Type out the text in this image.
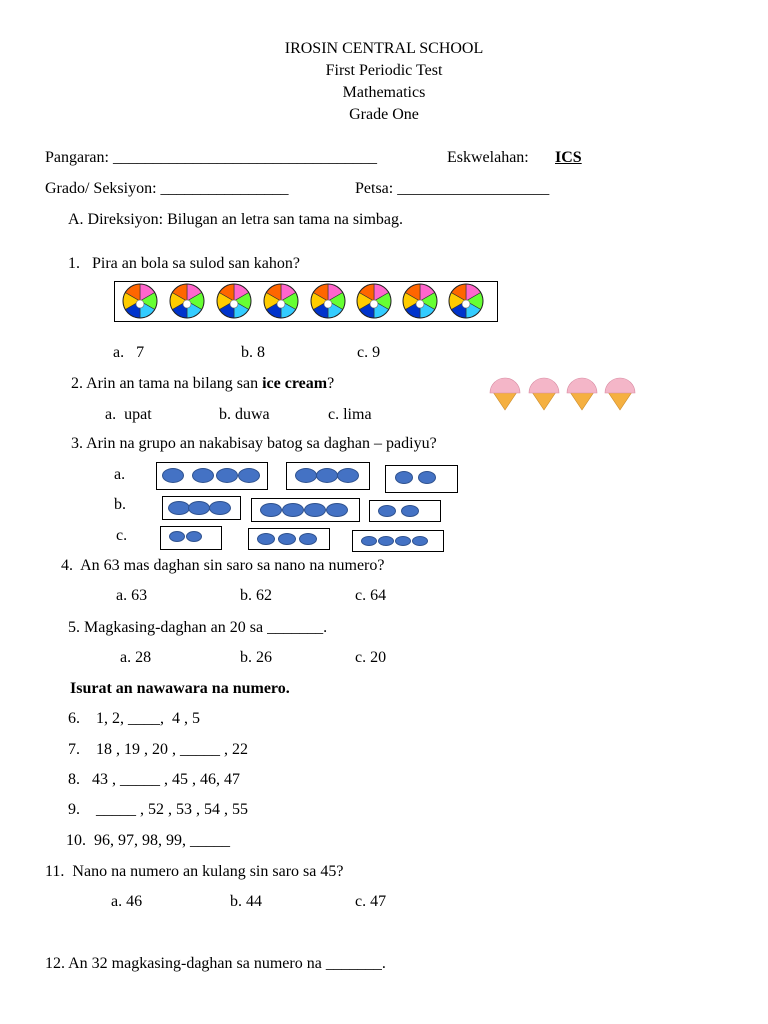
IROSIN CENTRAL SCHOOL
First Periodic Test
Mathematics
Grade One
Pangaran: _________________________________	Eskwelahan: ICS
Grado/ Seksiyon: ________________	Petsa: ___________________
A. Direksiyon: Bilugan an letra san tama na simbag.
1.   Pira an bola sa sulod san kahon?
a.   7	b. 8	c. 9
2. Arin an tama na bilang san ice cream?
a.  upat	b. duwa	c. lima
3. Arin na grupo an nakabisay batog sa daghan – padiyu?
a.
b.
c.
4.  An 63 mas daghan sin saro sa nano na numero?
a. 63	b. 62	c. 64
5. Magkasing-daghan an 20 sa _______.
a. 28	b. 26	c. 20
Isurat an nawawara na numero.
6.    1, 2, ____,  4 , 5
7.    18 , 19 , 20 , _____ , 22
8.   43 , _____ , 45 , 46, 47
9.    _____ , 52 , 53 , 54 , 55
10.  96, 97, 98, 99, _____
11.  Nano na numero an kulang sin saro sa 45?
a. 46	b. 44	c. 47
12. An 32 magkasing-daghan sa numero na _______.
